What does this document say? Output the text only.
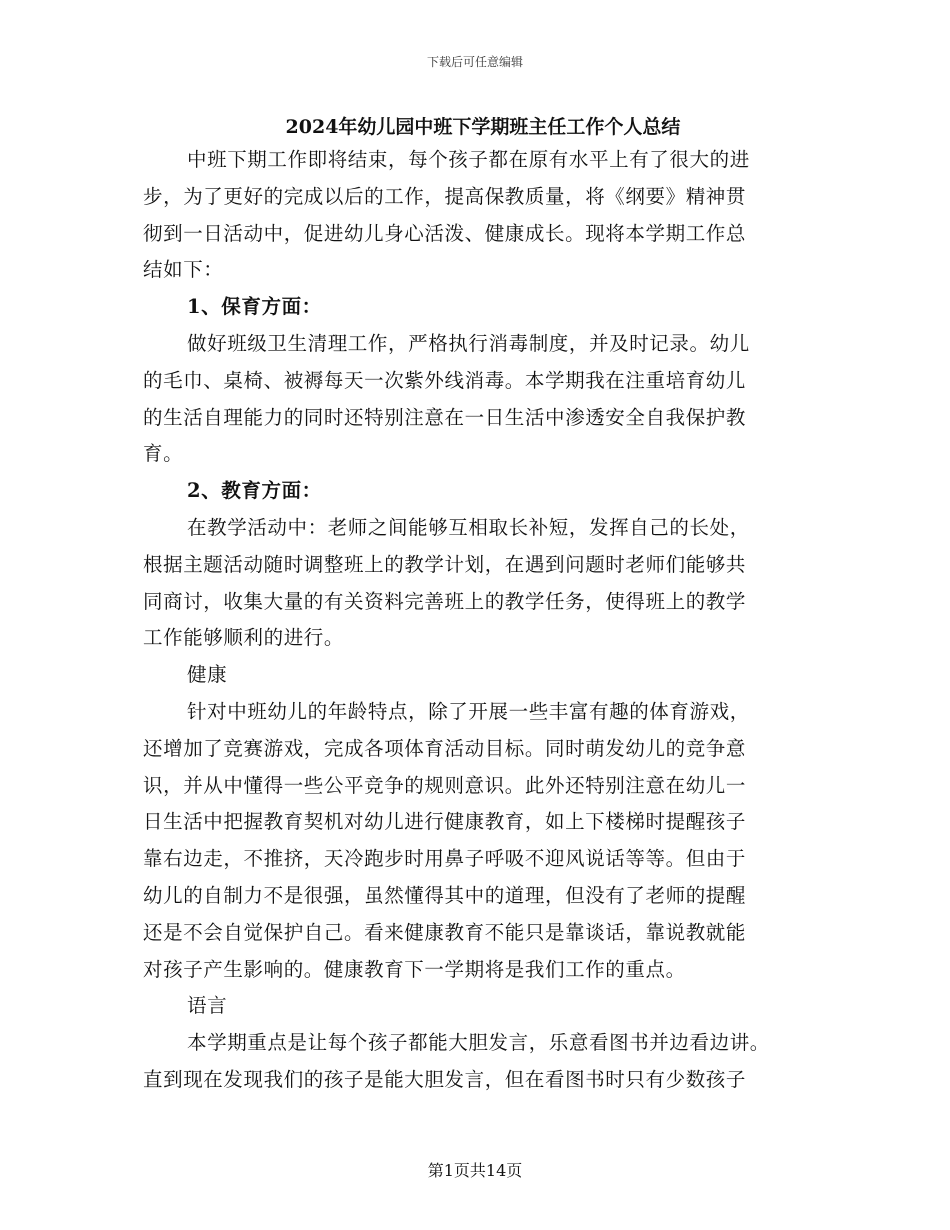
下载后可任意编辑
2024年幼儿园中班下学期班主任工作个人总结
中班下期工作即将结束，每个孩子都在原有水平上有了很大的进
步，为了更好的完成以后的工作，提高保教质量，将《纲要》精神贯
彻到一日活动中，促进幼儿身心活泼、健康成长。现将本学期工作总
结如下：
1、保育方面：
做好班级卫生清理工作，严格执行消毒制度，并及时记录。幼儿
的毛巾、桌椅、被褥每天一次紫外线消毒。本学期我在注重培育幼儿
的生活自理能力的同时还特别注意在一日生活中渗透安全自我保护教
育。
2、教育方面：
在教学活动中：老师之间能够互相取长补短，发挥自己的长处，
根据主题活动随时调整班上的教学计划，在遇到问题时老师们能够共
同商讨，收集大量的有关资料完善班上的教学任务，使得班上的教学
工作能够顺利的进行。
健康
针对中班幼儿的年龄特点，除了开展一些丰富有趣的体育游戏，
还增加了竞赛游戏，完成各项体育活动目标。同时萌发幼儿的竞争意
识，并从中懂得一些公平竞争的规则意识。此外还特别注意在幼儿一
日生活中把握教育契机对幼儿进行健康教育，如上下楼梯时提醒孩子
靠右边走，不推挤，天冷跑步时用鼻子呼吸不迎风说话等等。但由于
幼儿的自制力不是很强，虽然懂得其中的道理，但没有了老师的提醒
还是不会自觉保护自己。看来健康教育不能只是靠谈话，靠说教就能
对孩子产生影响的。健康教育下一学期将是我们工作的重点。
语言
本学期重点是让每个孩子都能大胆发言，乐意看图书并边看边讲。
直到现在发现我们的孩子是能大胆发言，但在看图书时只有少数孩子
第1页共14页
